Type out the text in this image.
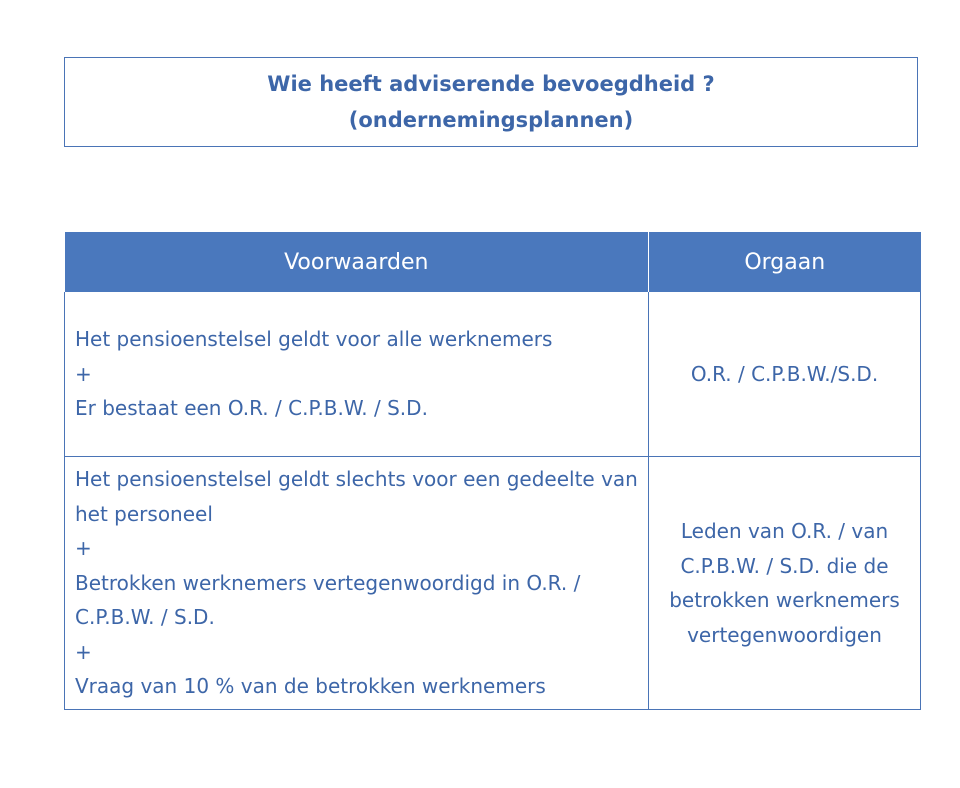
Wie heeft adviserende bevoegdheid ?
(ondernemingsplannen)
Voorwaarden	Orgaan

Het pensioenstelsel geldt voor alle werknemers
+
Er bestaat een O.R. / C.P.B.W. / S.D.	O.R. / C.P.B.W./S.D.

Het pensioenstelsel geldt slechts voor een gedeelte van het personeel
+
Betrokken werknemers vertegenwoordigd in O.R. / C.P.B.W. / S.D.
+
Vraag van 10 % van de betrokken werknemers	Leden van O.R. / van C.P.B.W. / S.D. die de betrokken werknemers vertegenwoordigen
